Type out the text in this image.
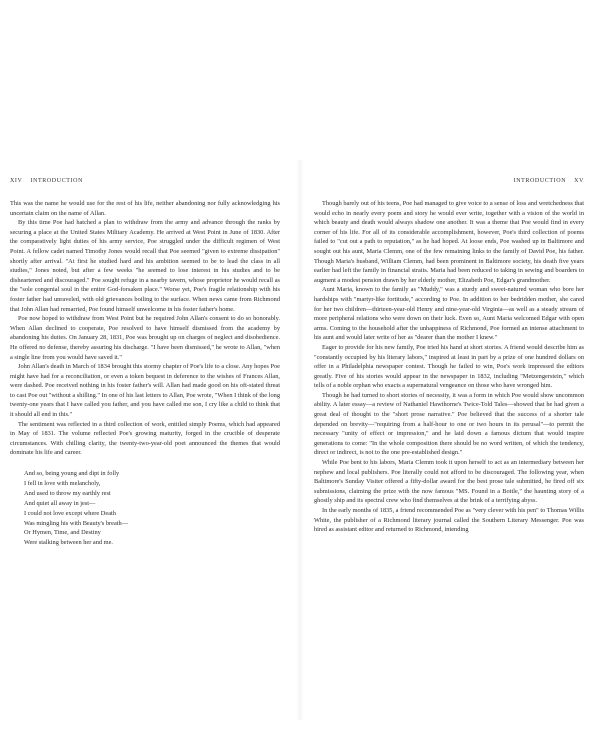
XIV INTRODUCTION

This was the name he would use for the rest of his life, neither abandoning nor fully acknowledging his uncertain claim on the name of Allan.

By this time Poe had hatched a plan to withdraw from the army and advance through the ranks by securing a place at the United States Military Academy. He arrived at West Point in June of 1830. After the comparatively light duties of his army service, Poe struggled under the difficult regimen of West Point. A fellow cadet named Timothy Jones would recall that Poe seemed "given to extreme dissipation" shortly after arrival. "At first he studied hard and his ambition seemed to be to lead the class in all studies," Jones noted, but after a few weeks "he seemed to lose interest in his studies and to be disheartened and discouraged." Poe sought refuge in a nearby tavern, whose proprietor he would recall as the "sole congenial soul in the entire God-forsaken place." Worse yet, Poe's fragile relationship with his foster father had unraveled, with old grievances boiling to the surface. When news came from Richmond that John Allan had remarried, Poe found himself unwelcome in his foster father's home.

Poe now hoped to withdraw from West Point but he required John Allan's consent to do so honorably. When Allan declined to cooperate, Poe resolved to have himself dismissed from the academy by abandoning his duties. On January 28, 1831, Poe was brought up on charges of neglect and disobedience. He offered no defense, thereby assuring his discharge. "I have been dismissed," he wrote to Allan, "when a single line from you would have saved it."

John Allan's death in March of 1834 brought this stormy chapter of Poe's life to a close. Any hopes Poe might have had for a reconciliation, or even a token bequest in deference to the wishes of Frances Allan, were dashed. Poe received nothing in his foster father's will. Allan had made good on his oft-stated threat to cast Poe out "without a shilling." In one of his last letters to Allan, Poe wrote, "When I think of the long twenty-one years that I have called you father, and you have called me son, I cry like a child to think that it should all end in this."

The sentiment was reflected in a third collection of work, entitled simply Poems, which had appeared in May of 1831. The volume reflected Poe's growing maturity, forged in the crucible of desperate circumstances. With chilling clarity, the twenty-two-year-old poet announced the themes that would dominate his life and career.

And so, being young and dipt in folly
I fell in love with melancholy,
And used to throw my earthly rest
And quiet all away in jest—
I could not love except where Death
Was mingling his with Beauty's breath—
Or Hymen, Time, and Destiny
Were stalking between her and me.
INTRODUCTION XV

Though barely out of his teens, Poe had managed to give voice to a sense of loss and wretchedness that would echo in nearly every poem and story he would ever write, together with a vision of the world in which beauty and death would always shadow one another. It was a theme that Poe would find in every corner of his life. For all of its considerable accomplishment, however, Poe's third collection of poems failed to "cut out a path to reputation," as he had hoped. At loose ends, Poe washed up in Baltimore and sought out his aunt, Maria Clemm, one of the few remaining links to the family of David Poe, his father. Though Maria's husband, William Clemm, had been prominent in Baltimore society, his death five years earlier had left the family in financial straits. Maria had been reduced to taking in sewing and boarders to augment a modest pension drawn by her elderly mother, Elizabeth Poe, Edgar's grandmother.

Aunt Maria, known to the family as "Muddy," was a sturdy and sweet-natured woman who bore her hardships with "martyr-like fortitude," according to Poe. In addition to her bedridden mother, she cared for her two children—thirteen-year-old Henry and nine-year-old Virginia—as well as a steady stream of more peripheral relations who were down on their luck. Even so, Aunt Maria welcomed Edgar with open arms. Coming to the household after the unhappiness of Richmond, Poe formed an intense attachment to his aunt and would later write of her as "dearer than the mother I knew."

Eager to provide for his new family, Poe tried his hand at short stories. A friend would describe him as "constantly occupied by his literary labors," inspired at least in part by a prize of one hundred dollars on offer in a Philadelphia newspaper contest. Though he failed to win, Poe's work impressed the editors greatly. Five of his stories would appear in the newspaper in 1832, including "Metzengerstein," which tells of a noble orphan who exacts a supernatural vengeance on those who have wronged him.

Though he had turned to short stories of necessity, it was a form in which Poe would show uncommon ability. A later essay—a review of Nathaniel Hawthorne's Twice-Told Tales—showed that he had given a great deal of thought to the "short prose narrative." Poe believed that the success of a shorter tale depended on brevity—"requiring from a half-hour to one or two hours in its perusal"—to permit the necessary "unity of effect or impression," and he laid down a famous dictum that would inspire generations to come: "In the whole composition there should be no word written, of which the tendency, direct or indirect, is not to the one pre-established design."

While Poe bent to his labors, Maria Clemm took it upon herself to act as an intermediary between her nephew and local publishers. Poe literally could not afford to be discouraged. The following year, when Baltimore's Sunday Visiter offered a fifty-dollar award for the best prose tale submitted, he fired off six submissions, claiming the prize with the now famous "MS. Found in a Bottle," the haunting story of a ghostly ship and its spectral crew who find themselves at the brink of a terrifying abyss.

In the early months of 1835, a friend recommended Poe as "very clever with his pen" to Thomas Willis White, the publisher of a Richmond literary journal called the Southern Literary Messenger. Poe was hired as assistant editor and returned to Richmond, intending
